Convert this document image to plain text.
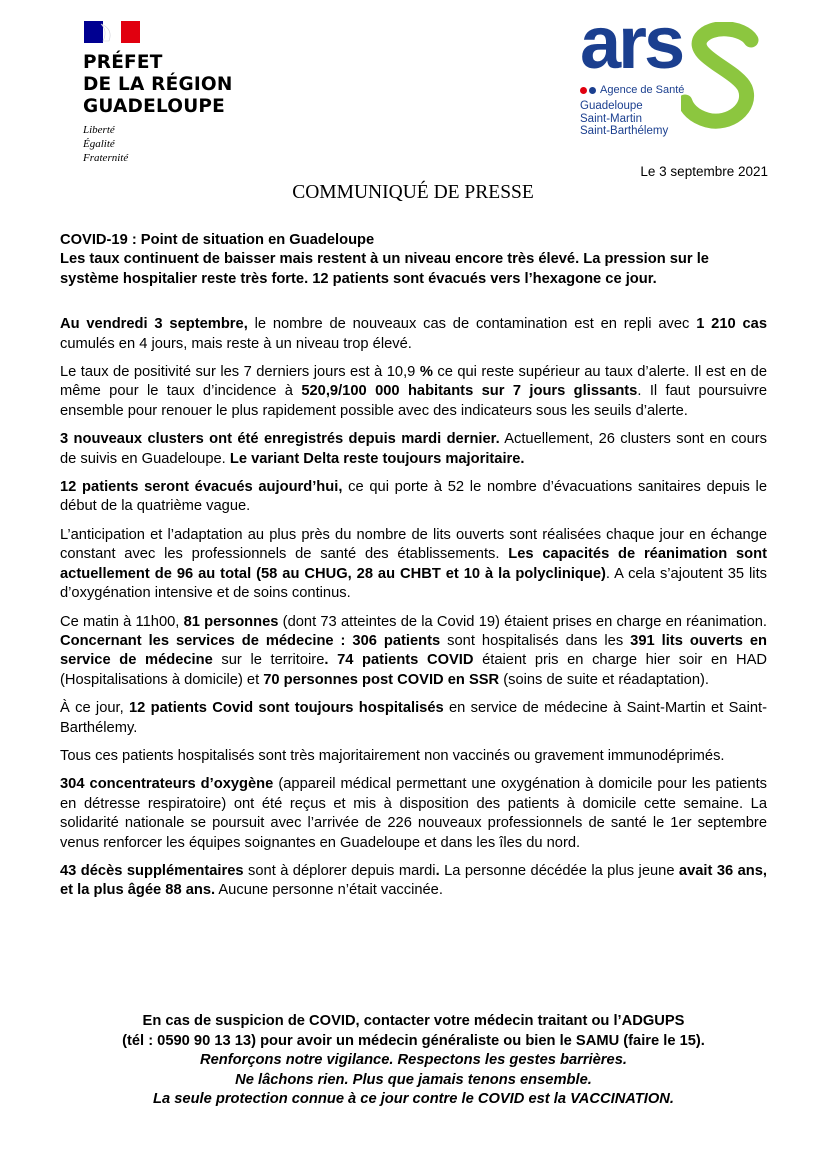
PRÉFET
DE LA RÉGION
GUADELOUPE
Liberté
Égalité
Fraternité
ars
Agence de Santé
Guadeloupe
Saint-Martin
Saint-Barthélemy
Le 3 septembre 2021
COMMUNIQUÉ DE PRESSE
COVID-19 : Point de situation en Guadeloupe
Les taux continuent de baisser mais restent à un niveau encore très élevé. La pression sur le système hospitalier reste très forte. 12 patients sont évacués vers l’hexagone ce jour.

Au vendredi 3 septembre, le nombre de nouveaux cas de contamination est en repli avec 1 210 cas cumulés en 4 jours, mais reste à un niveau trop élevé.

Le taux de positivité sur les 7 derniers jours est à 10,9 % ce qui reste supérieur au taux d’alerte. Il est en de même pour le taux d’incidence à 520,9/100 000 habitants sur 7 jours glissants. Il faut poursuivre ensemble pour renouer le plus rapidement possible avec des indicateurs sous les seuils d’alerte.

3 nouveaux clusters ont été enregistrés depuis mardi dernier. Actuellement, 26 clusters sont en cours de suivis en Guadeloupe. Le variant Delta reste toujours majoritaire.

12 patients seront évacués aujourd’hui, ce qui porte à 52 le nombre d’évacuations sanitaires depuis le début de la quatrième vague.

L’anticipation et l’adaptation au plus près du nombre de lits ouverts sont réalisées chaque jour en échange constant avec les professionnels de santé des établissements. Les capacités de réanimation sont actuellement de 96 au total (58 au CHUG, 28 au CHBT et 10 à la polyclinique). A cela s’ajoutent 35 lits d’oxygénation intensive et de soins continus.

Ce matin à 11h00, 81 personnes (dont 73 atteintes de la Covid 19) étaient prises en charge en réanimation. Concernant les services de médecine : 306 patients sont hospitalisés dans les 391 lits ouverts en service de médecine sur le territoire. 74 patients COVID étaient pris en charge hier soir en HAD (Hospitalisations à domicile) et 70 personnes post COVID en SSR (soins de suite et réadaptation).

À ce jour, 12 patients Covid sont toujours hospitalisés en service de médecine à Saint-Martin et Saint-Barthélemy.

Tous ces patients hospitalisés sont très majoritairement non vaccinés ou gravement immunodéprimés.

304 concentrateurs d’oxygène (appareil médical permettant une oxygénation à domicile pour les patients en détresse respiratoire) ont été reçus et mis à disposition des patients à domicile cette semaine. La solidarité nationale se poursuit avec l’arrivée de 226 nouveaux professionnels de santé le 1er septembre venus renforcer les équipes soignantes en Guadeloupe et dans les îles du nord.

43 décès supplémentaires sont à déplorer depuis mardi. La personne décédée la plus jeune avait 36 ans, et la plus âgée 88 ans. Aucune personne n’était vaccinée.

En cas de suspicion de COVID, contacter votre médecin traitant ou l’ADGUPS
(tél : 0590 90 13 13) pour avoir un médecin généraliste ou bien le SAMU (faire le 15).
Renforçons notre vigilance. Respectons les gestes barrières.
Ne lâchons rien. Plus que jamais tenons ensemble.
La seule protection connue à ce jour contre le COVID est la VACCINATION.
